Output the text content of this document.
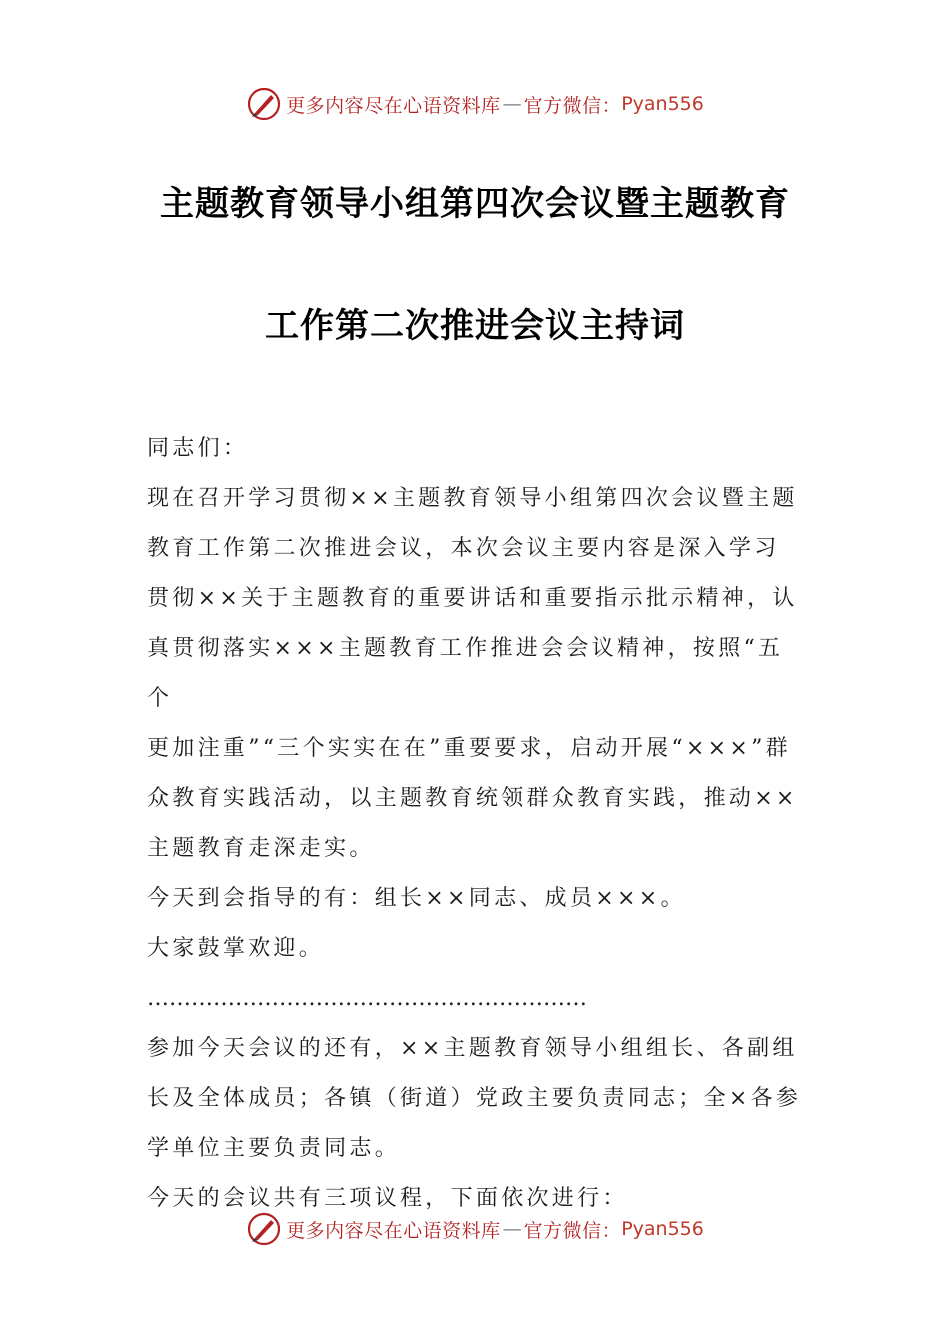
更多内容尽在心语资料库 — 官方微信： Pyan556
主题教育领导小组第四次会议暨主题教育
工作第二次推进会议主持词

同志们：

现在召开学习贯彻××主题教育领导小组第四次会议暨主题

教育工作第二次推进会议，本次会议主要内容是深入学习

贯彻××关于主题教育的重要讲话和重要指示批示精神，认

真贯彻落实×××主题教育工作推进会会议精神，按照“五个

更加注重”“三个实实在在”重要要求，启动开展“×××”群

众教育实践活动，以主题教育统领群众教育实践，推动××

主题教育走深走实。

今天到会指导的有：组长××同志、成员×××。

大家鼓掌欢迎。

……………………………………………………

参加今天会议的还有，××主题教育领导小组组长、各副组

长及全体成员；各镇（街道）党政主要负责同志；全×各参

学单位主要负责同志。

今天的会议共有三项议程，下面依次进行：

更多内容尽在心语资料库 — 官方微信： Pyan556
